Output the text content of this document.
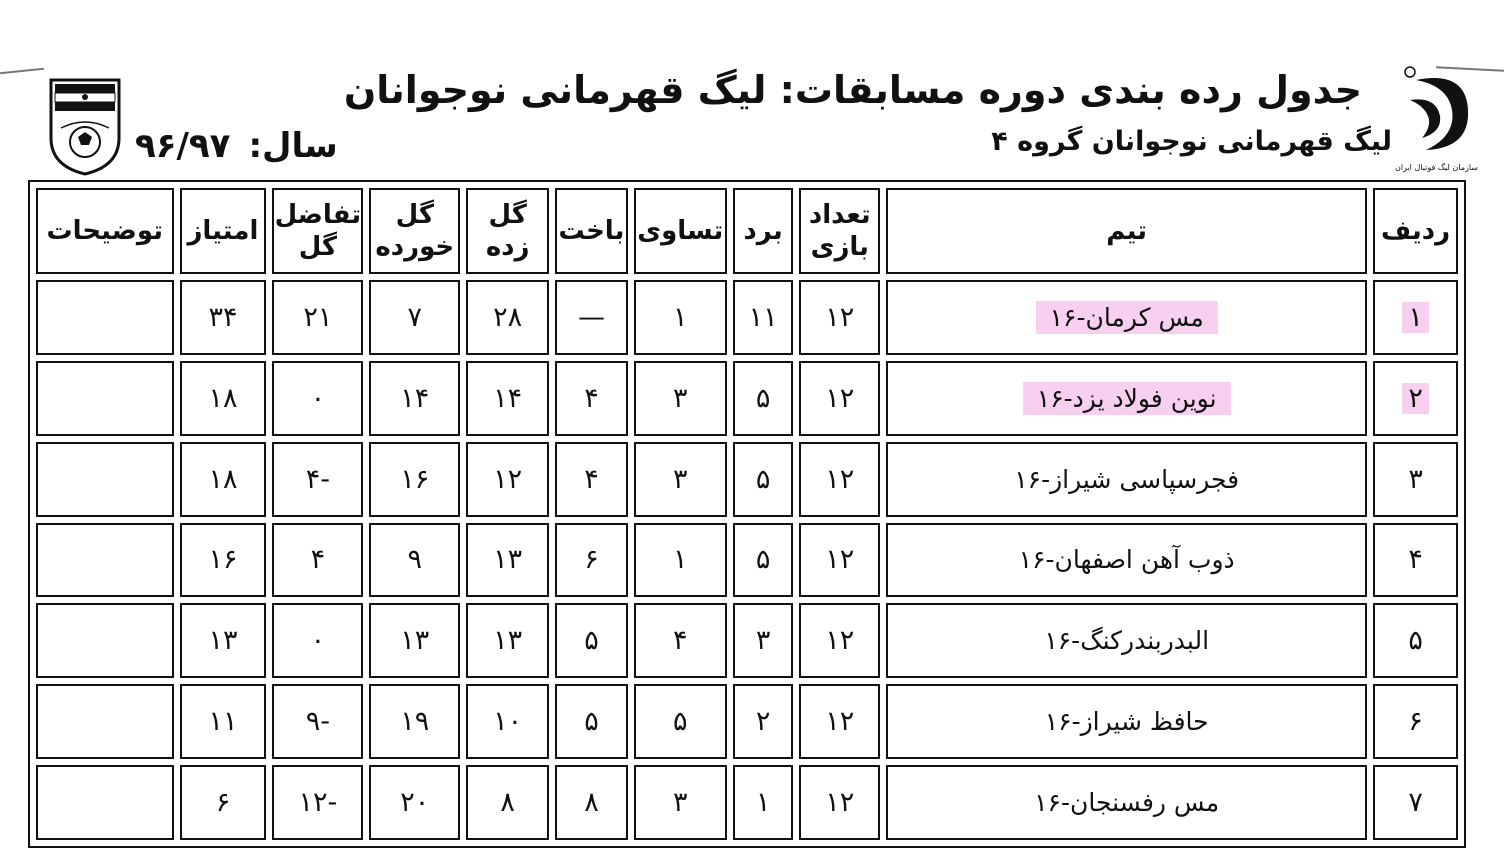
سازمان لیگ فوتبال ایران
جدول رده بندی دوره مسابقات: لیگ قهرمانی نوجوانان
لیگ قهرمانی نوجوانان گروه ۴
سال:۹۶/۹۷
ردیف	تیم	تعداد بازی	برد	تساوی	باخت	گل زده	گل خورده	تفاضل گل	امتیاز	توضیحات
۱	مس کرمان-۱۶	۱۲	۱۱	۱	—	۲۸	۷	۲۱	۳۴	
۲	نوین فولاد یزد-۱۶	۱۲	۵	۳	۴	۱۴	۱۴	۰	۱۸	
۳	فجرسپاسی شیراز-۱۶	۱۲	۵	۳	۴	۱۲	۱۶	-۴	۱۸	
۴	ذوب آهن اصفهان-۱۶	۱۲	۵	۱	۶	۱۳	۹	۴	۱۶	
۵	البدربندرکنگ-۱۶	۱۲	۳	۴	۵	۱۳	۱۳	۰	۱۳	
۶	حافظ شیراز-۱۶	۱۲	۲	۵	۵	۱۰	۱۹	-۹	۱۱	
۷	مس رفسنجان-۱۶	۱۲	۱	۳	۸	۸	۲۰	-۱۲	۶	
